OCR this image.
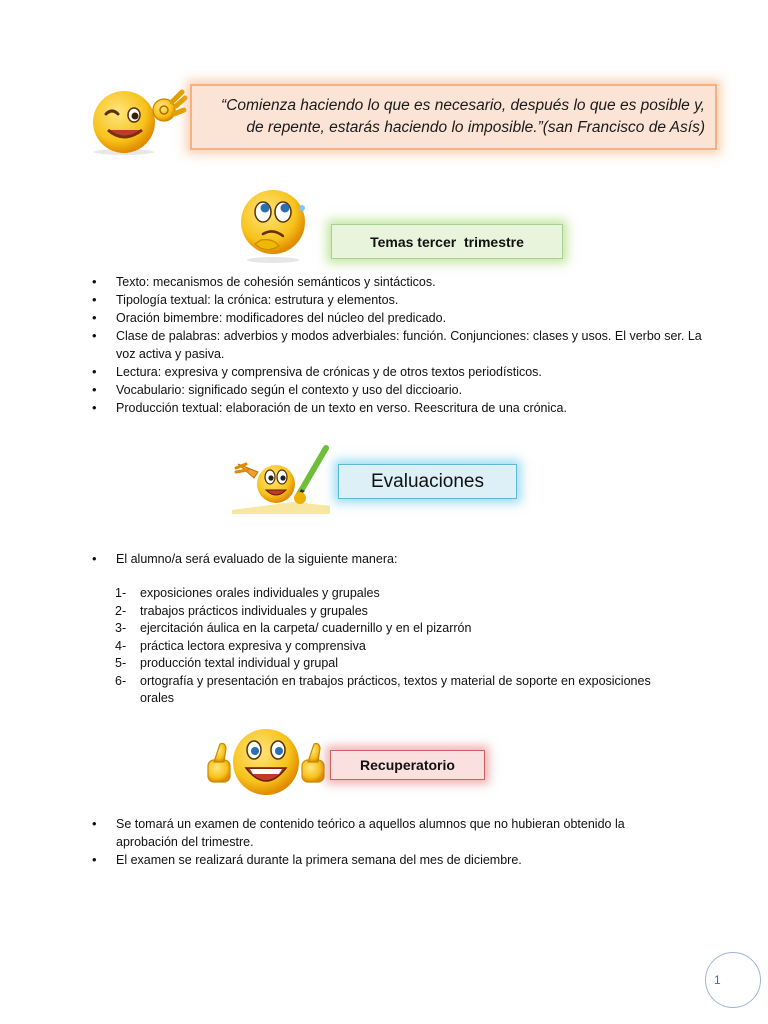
“Comienza haciendo lo que es necesario, después lo que es posible y,
de repente, estarás haciendo lo imposible.”(san Francisco de Asís)
Temas tercer  trimestre
• Texto: mecanismos de cohesión semánticos y sintácticos.
• Tipología textual: la crónica: estrutura y elementos.
• Oración bimembre: modificadores del núcleo del predicado.
• Clase de palabras: adverbios y modos adverbiales: función. Conjunciones: clases y usos. El verbo ser. La voz activa y pasiva.
• Lectura: expresiva y comprensiva de crónicas y de otros textos periodísticos.
• Vocabulario: significado según el contexto y uso del diccioario.
• Producción textual: elaboración de un texto en verso. Reescritura de una crónica.
Evaluaciones
• El alumno/a será evaluado de la siguiente manera:
1- exposiciones orales individuales y grupales
2- trabajos prácticos individuales y grupales
3- ejercitación áulica en la carpeta/ cuadernillo y en el pizarrón
4- práctica lectora expresiva y comprensiva
5- producción textal individual y grupal
6- ortografía y presentación en trabajos prácticos, textos y material de soporte en exposiciones orales
Recuperatorio
• Se tomará un examen de contenido teórico a aquellos alumnos que no hubieran obtenido la aprobación del trimestre.
• El examen se realizará durante la primera semana del mes de diciembre.
1
